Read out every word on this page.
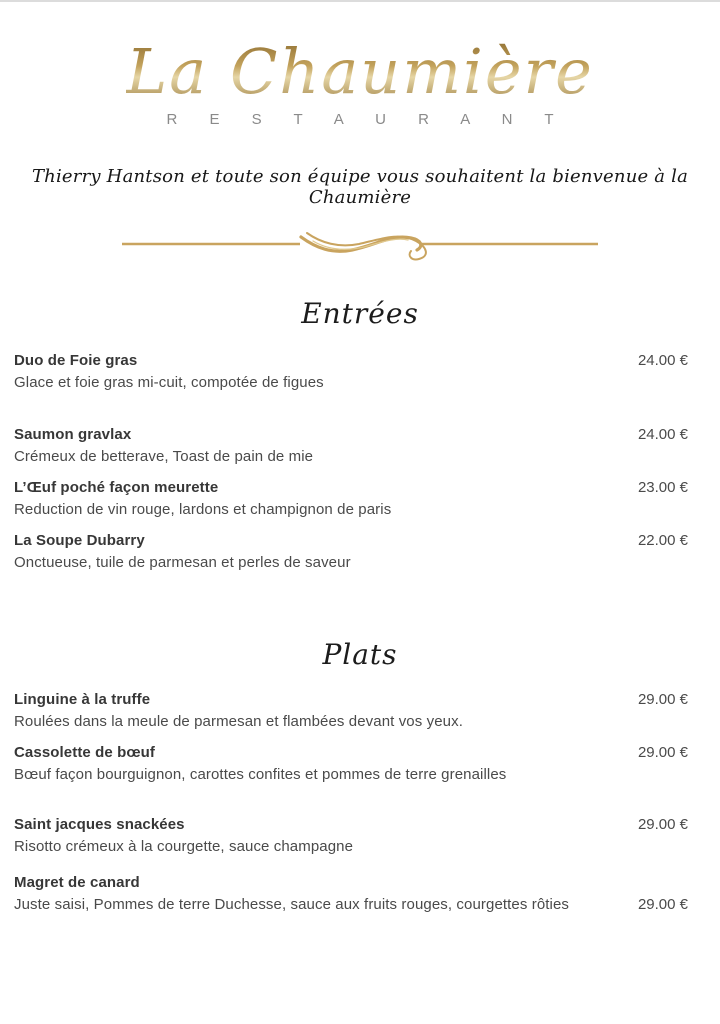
La Chaumière
R E S T A U R A N T
Thierry Hantson et toute son équipe vous souhaitent la bienvenue à la Chaumière
Entrées
Duo de Foie gras	24.00 €
Glace et foie gras mi-cuit, compotée de figues
Saumon gravlax	24.00 €
Crémeux de betterave, Toast de pain de mie
L’Œuf poché façon meurette	23.00 €
Reduction de vin rouge, lardons et champignon de paris
La Soupe Dubarry	22.00 €
Onctueuse, tuile de parmesan et perles de saveur
Plats
Linguine à la truffe	29.00 €
Roulées dans la meule de parmesan et flambées devant vos yeux.
Cassolette de bœuf	29.00 €
Bœuf façon bourguignon, carottes confites et pommes de terre grenailles
Saint jacques snackées	29.00 €
Risotto crémeux à la courgette, sauce champagne
Magret de canard
Juste saisi, Pommes de terre Duchesse, sauce aux fruits rouges, courgettes rôties	29.00 €
